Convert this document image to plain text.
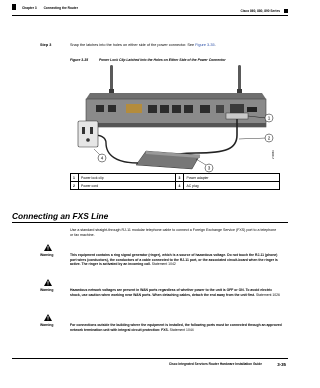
Chapter 3 Connecting the Router
Cisco 860, 880, 890 Series
Step 3	Snap the latches into the holes on either side of the power connector. See Figure 3-35.
Figure 3-35	Power Lock Clip Latched Into the Holes on Either Side of the Power Connector
1
2
3
4	273663
1	Power lock clip	3	Power adapter
2	Power cord	4	AC plug
Connecting an FXS Line
Use a standard straight-through RJ-11 modular telephone cable to connect a Foreign Exchange Service (FXS) port to a telephone or fax machine.
Warning	This equipment contains a ring signal generator (ringer), which is a source of hazardous voltage. Do not touch the RJ-11 (phone) port wires (conductors), the conductors of a cable connected to the RJ-11 port, or the associated circuit-board when the ringer is active. The ringer is activated by an incoming call. Statement 1042
Warning	Hazardous network voltages are present in WAN ports regardless of whether power to the unit is OFF or ON. To avoid electric shock, use caution when working near WAN ports. When detaching cables, detach the end away from the unit first. Statement 1026
Warning	For connections outside the building where the equipment is installed, the following ports must be connected through an approved network termination unit with integral circuit protection: FXS. Statement 1044
Cisco Integrated Services Router Hardware Installation Guide	3-35
